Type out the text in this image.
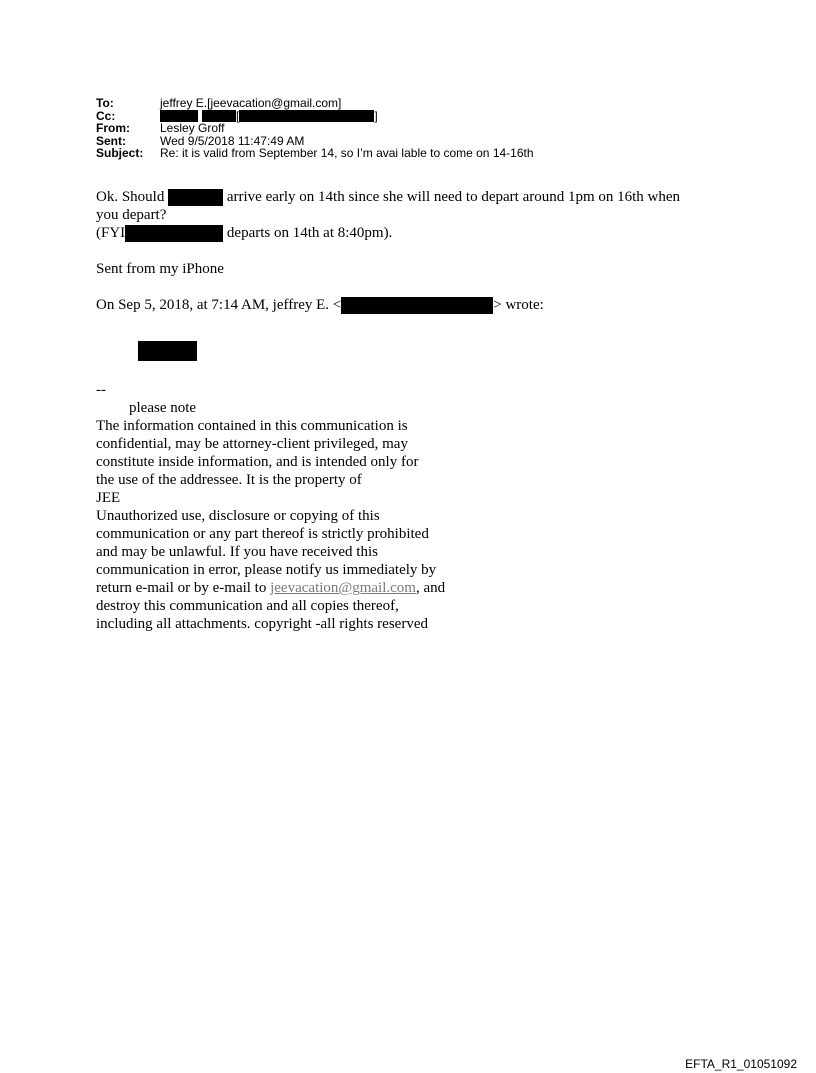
To:	jeffrey E.[jeevacation@gmail.com]
Cc:	[	]
From:	Lesley Groff
Sent:	Wed 9/5/2018 11:47:49 AM
Subject:	Re: it is valid from September 14, so I’m avai lable to come on 14-16th

Ok. Should	arrive early on 14th since she will need to depart around 1pm on 16th when

you depart?

(FYI	departs on 14th at 8:40pm).

Sent from my iPhone

On Sep 5, 2018, at 7:14 AM, jeffrey E. <	> wrote:

--

please note

The information contained in this communication is

confidential, may be attorney-client privileged, may

constitute inside information, and is intended only for

the use of the addressee. It is the property of

JEE

Unauthorized use, disclosure or copying of this

communication or any part thereof is strictly prohibited

and may be unlawful. If you have received this

communication in error, please notify us immediately by

return e-mail or by e-mail to jeevacation@gmail.com, and

destroy this communication and all copies thereof,

including all attachments. copyright -all rights reserved

EFTA_R1_01051092
